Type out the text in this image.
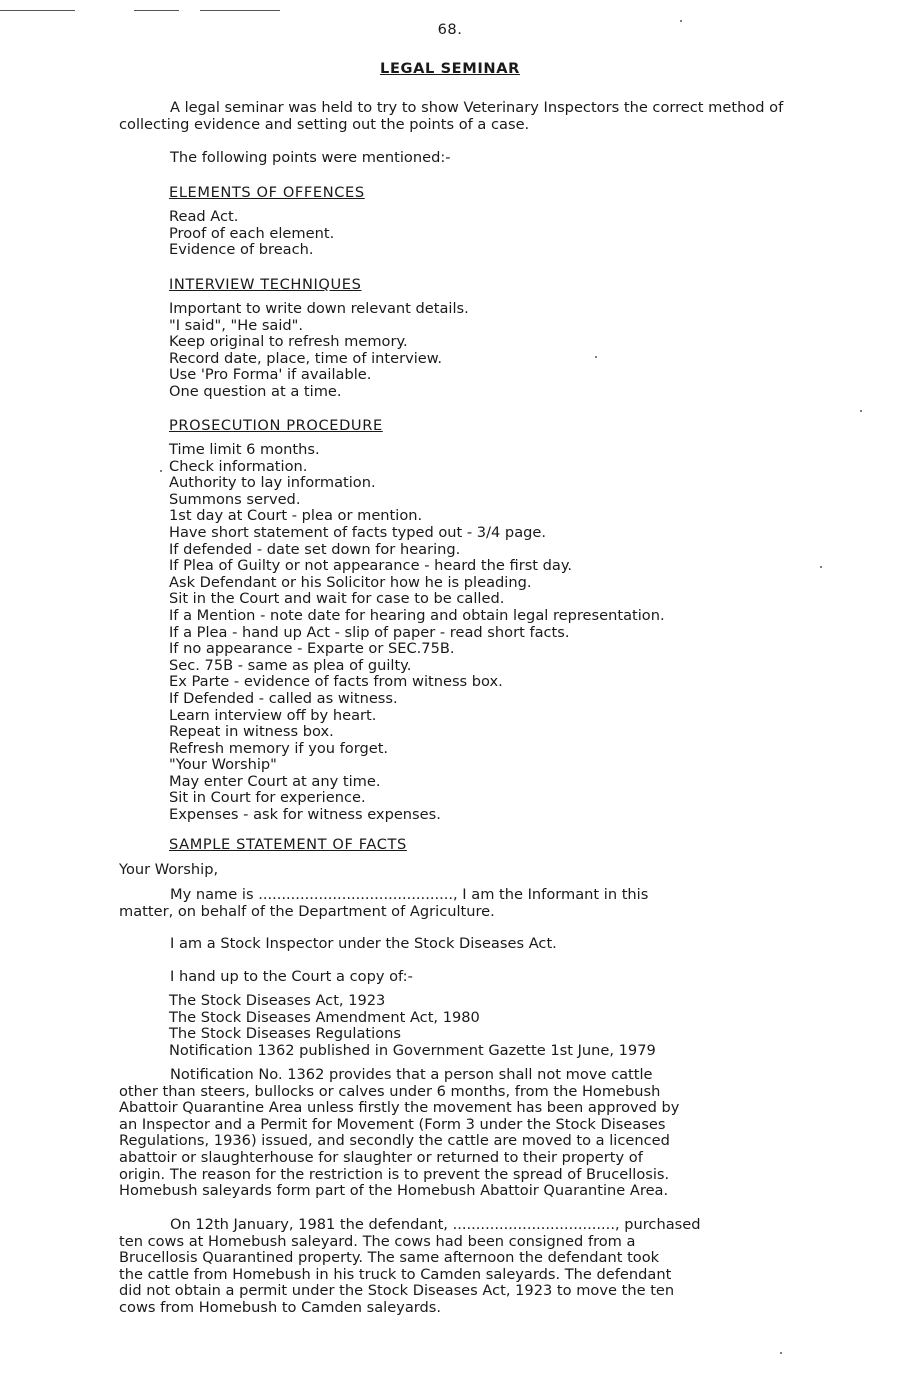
68.
LEGAL SEMINAR

A legal seminar was held to try to show Veterinary Inspectors the correct method of collecting evidence and setting out the points of a case.

The following points were mentioned:-
ELEMENTS OF OFFENCES
Read Act.
Proof of each element.
Evidence of breach.
INTERVIEW TECHNIQUES
Important to write down relevant details.
"I said", "He said".
Keep original to refresh memory.
Record date, place, time of interview.
Use 'Pro Forma' if available.
One question at a time.
PROSECUTION PROCEDURE
Time limit 6 months.
Check information.
Authority to lay information.
Summons served.
1st day at Court - plea or mention.
Have short statement of facts typed out - 3/4 page.
If defended - date set down for hearing.
If Plea of Guilty or not appearance - heard the first day.
Ask Defendant or his Solicitor how he is pleading.
Sit in the Court and wait for case to be called.
If a Mention - note date for hearing and obtain legal representation.
If a Plea - hand up Act - slip of paper - read short facts.
If no appearance - Exparte or SEC.75B.
Sec. 75B - same as plea of guilty.
Ex Parte - evidence of facts from witness box.
If Defended - called as witness.
Learn interview off by heart.
Repeat in witness box.
Refresh memory if you forget.
"Your Worship"
May enter Court at any time.
Sit in Court for experience.
Expenses - ask for witness expenses.
SAMPLE STATEMENT OF FACTS
Your Worship,
My name is .........................................., I am the Informant in this
matter, on behalf of the Department of Agriculture.
I am a Stock Inspector under the Stock Diseases Act.
I hand up to the Court a copy of:-
The Stock Diseases Act, 1923
The Stock Diseases Amendment Act, 1980
The Stock Diseases Regulations
Notification 1362 published in Government Gazette 1st June, 1979
Notification No. 1362 provides that a person shall not move cattle
other than steers, bullocks or calves under 6 months, from the Homebush
Abattoir Quarantine Area unless firstly the movement has been approved by
an Inspector and a Permit for Movement (Form 3 under the Stock Diseases
Regulations, 1936) issued, and secondly the cattle are moved to a licenced
abattoir or slaughterhouse for slaughter or returned to their property of
origin. The reason for the restriction is to prevent the spread of Brucellosis.
Homebush saleyards form part of the Homebush Abattoir Quarantine Area.
On 12th January, 1981 the defendant, ..................................., purchased
ten cows at Homebush saleyard. The cows had been consigned from a
Brucellosis Quarantined property. The same afternoon the defendant took
the cattle from Homebush in his truck to Camden saleyards. The defendant
did not obtain a permit under the Stock Diseases Act, 1923 to move the ten
cows from Homebush to Camden saleyards.
